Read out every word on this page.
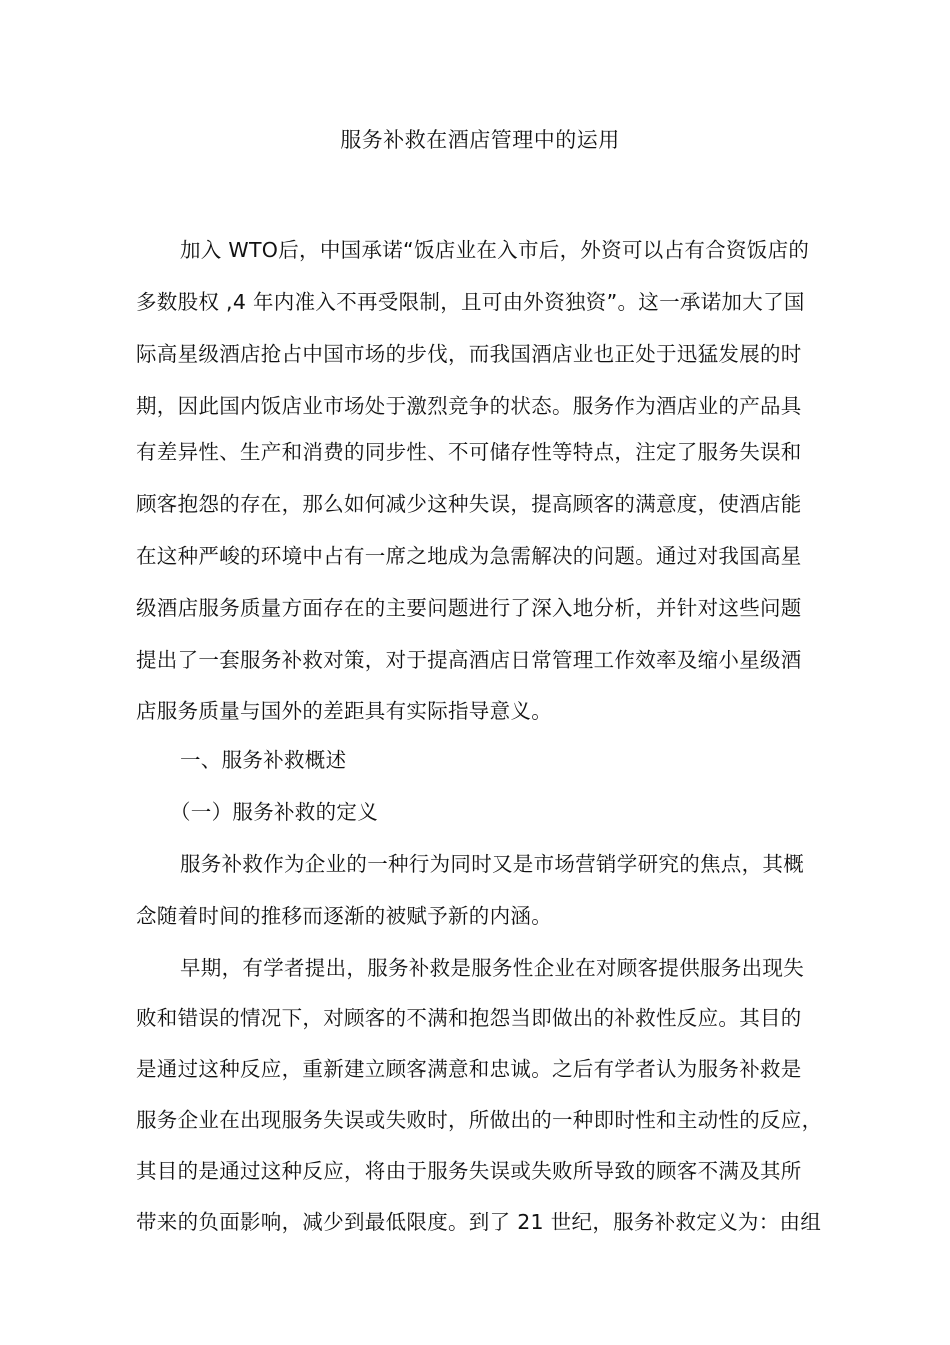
服务补救在酒店管理中的运用
加入 WTO后，中国承诺“饭店业在入市后，外资可以占有合资饭店的
多数股权 ,4 年内准入不再受限制，且可由外资独资”。这一承诺加大了国
际高星级酒店抢占中国市场的步伐，而我国酒店业也正处于迅猛发展的时
期，因此国内饭店业市场处于激烈竞争的状态。服务作为酒店业的产品具
有差异性、生产和消费的同步性、不可储存性等特点，注定了服务失误和
顾客抱怨的存在，那么如何减少这种失误，提高顾客的满意度，使酒店能
在这种严峻的环境中占有一席之地成为急需解决的问题。通过对我国高星
级酒店服务质量方面存在的主要问题进行了深入地分析，并针对这些问题
提出了一套服务补救对策，对于提高酒店日常管理工作效率及缩小星级酒
店服务质量与国外的差距具有实际指导意义。
一、服务补救概述
（一）服务补救的定义
服务补救作为企业的一种行为同时又是市场营销学研究的焦点，其概
念随着时间的推移而逐渐的被赋予新的内涵。
早期，有学者提出，服务补救是服务性企业在对顾客提供服务出现失
败和错误的情况下，对顾客的不满和抱怨当即做出的补救性反应。其目的
是通过这种反应，重新建立顾客满意和忠诚。之后有学者认为服务补救是
服务企业在出现服务失误或失败时，所做出的一种即时性和主动性的反应，
其目的是通过这种反应，将由于服务失误或失败所导致的顾客不满及其所
带来的负面影响，减少到最低限度。到了 21 世纪，服务补救定义为：由组
